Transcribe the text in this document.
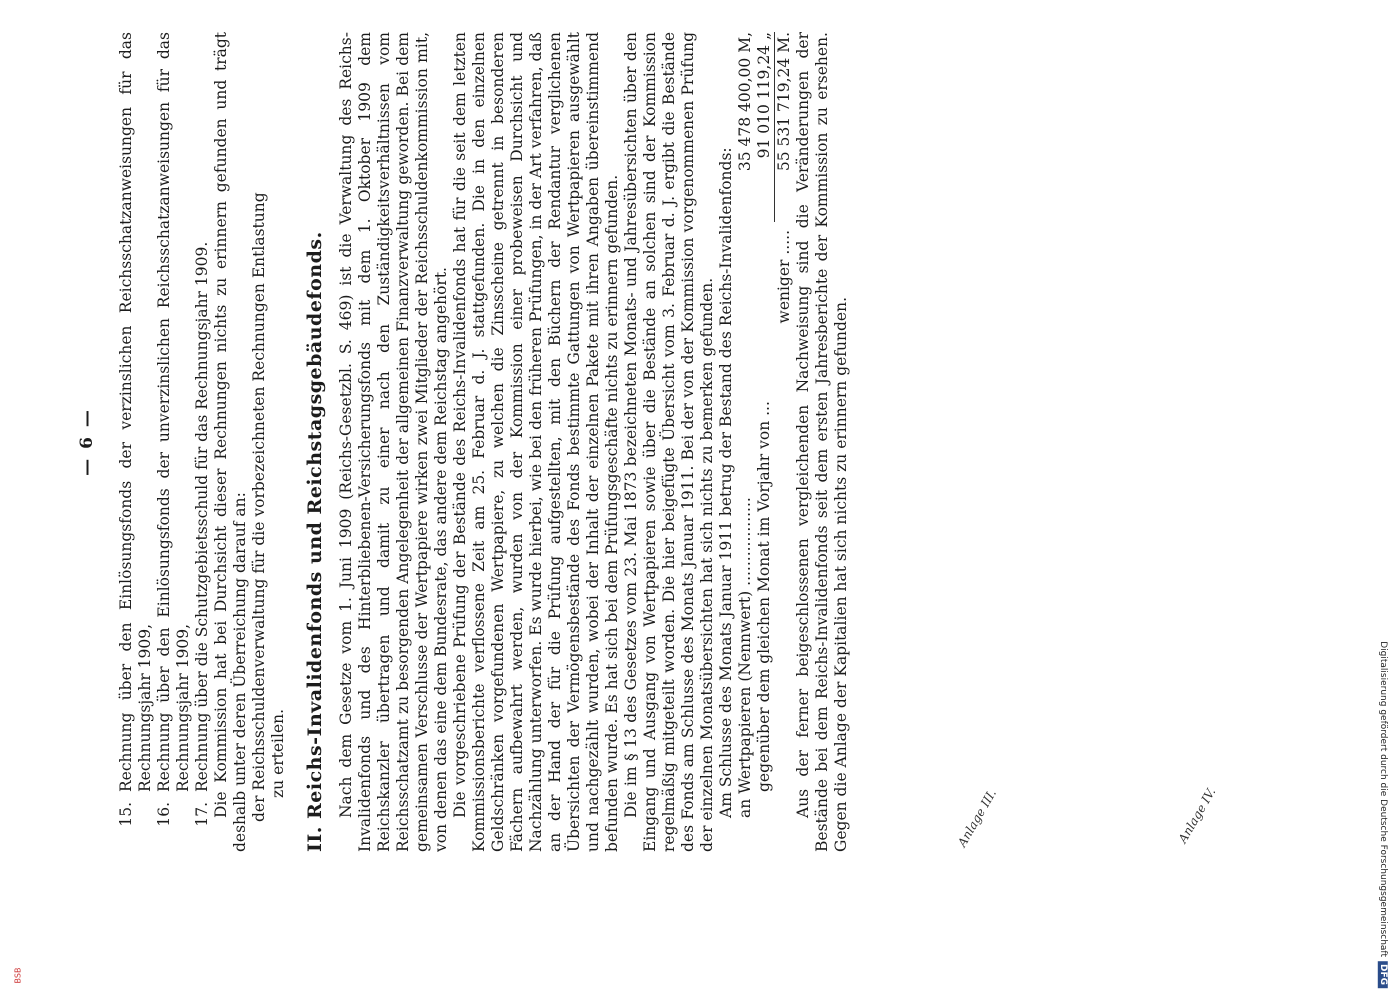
— 6 —
15.
Rechnung über den Einlösungsfonds der verzinslichen Reichsschatzanweisungen für das Rechnungsjahr 1909,
16.
Rechnung über den Einlösungsfonds der unverzinslichen Reichsschatzanweisungen für das Rechnungsjahr 1909,
17.
Rechnung über die Schutzgebietsschuld für das Rechnungsjahr 1909. Die Kommission hat bei Durchsicht dieser Rechnungen nichts zu erinnern gefunden und trägt deshalb unter deren Überreichung darauf an: der Reichsschuldenverwaltung für die vorbezeichneten Rechnungen Entlastung zu erteilen. II. Reichs-Invalidenfonds und Reichstagsgebäudefonds. Nach dem Gesetze vom 1. Juni 1909 (Reichs-Gesetzbl. S. 469) ist die Verwaltung des Reichs-Invalidenfonds und des Hinterbliebenen-Versicherungsfonds mit dem 1. Oktober 1909 dem Reichskanzler übertragen und damit zu einer nach den Zuständigkeitsverhältnissen vom Reichsschatzamt zu besorgenden Angelegenheit der allgemeinen Finanzverwaltung geworden. Bei dem gemeinsamen Verschlusse der Wertpapiere wirken zwei Mitglieder der Reichsschuldenkommission mit, von denen das eine dem Bundesrate, das andere dem Reichstag angehört. Die vorgeschriebene Prüfung der Bestände des Reichs-Invalidenfonds hat für die seit dem letzten Kommissionsberichte verflossene Zeit am 25. Februar d. J. stattgefunden. Die in den einzelnen Geldschränken vorgefundenen Wertpapiere, zu welchen die Zinsscheine getrennt in besonderen Fächern aufbewahrt werden, wurden von der Kommission einer probeweisen Durchsicht und Nachzählung unterworfen. Es wurde hierbei, wie bei den früheren Prüfungen, in der Art verfahren, daß an der Hand der für die Prüfung aufgestellten, mit den Büchern der Rendantur verglichenen Übersichten der Vermögensbestände des Fonds bestimmte Gattungen von Wertpapieren ausgewählt und nachgezählt wurden, wobei der Inhalt der einzelnen Pakete mit ihren Angaben übereinstimmend befunden wurde. Es hat sich bei dem Prüfungsgeschäfte nichts zu erinnern gefunden. Die im § 13 des Gesetzes vom 23. Mai 1873 bezeichneten Monats- und Jahresübersichten über den Eingang und Ausgang von Wertpapieren sowie über die Bestände an solchen sind der Kommission regelmäßig mitgeteilt worden. Die hier beigefügte Übersicht vom 3. Februar d. J. ergibt die Bestände des Fonds am Schlusse des Monats Januar 1911. Bei der von der Kommission vorgenommenen Prüfung der einzelnen Monatsübersichten hat sich nichts zu bemerken gefunden. Am Schlusse des Monats Januar 1911 betrug der Bestand des Reichs-Invalidenfonds: an Wertpapieren (Nennwert) ..................
35 478 400,00 M,
gegenüber dem gleichen Monat im Vorjahr von ...
91 010 119,24 „
weniger .....
55 531 719,24 M. Aus der ferner beigeschlossenen vergleichenden Nachweisung sind die Veränderungen der Bestände bei dem Reichs-Invalidenfonds seit dem ersten Jahresberichte der Kommission zu ersehen. Gegen die Anlage der Kapitalien hat sich nichts zu erinnern gefunden.	Anlage III.	Anlage IV.	Digitalisierung gefördert durch die Deutsche ForschungsgemeinschaftDFG
BSB
